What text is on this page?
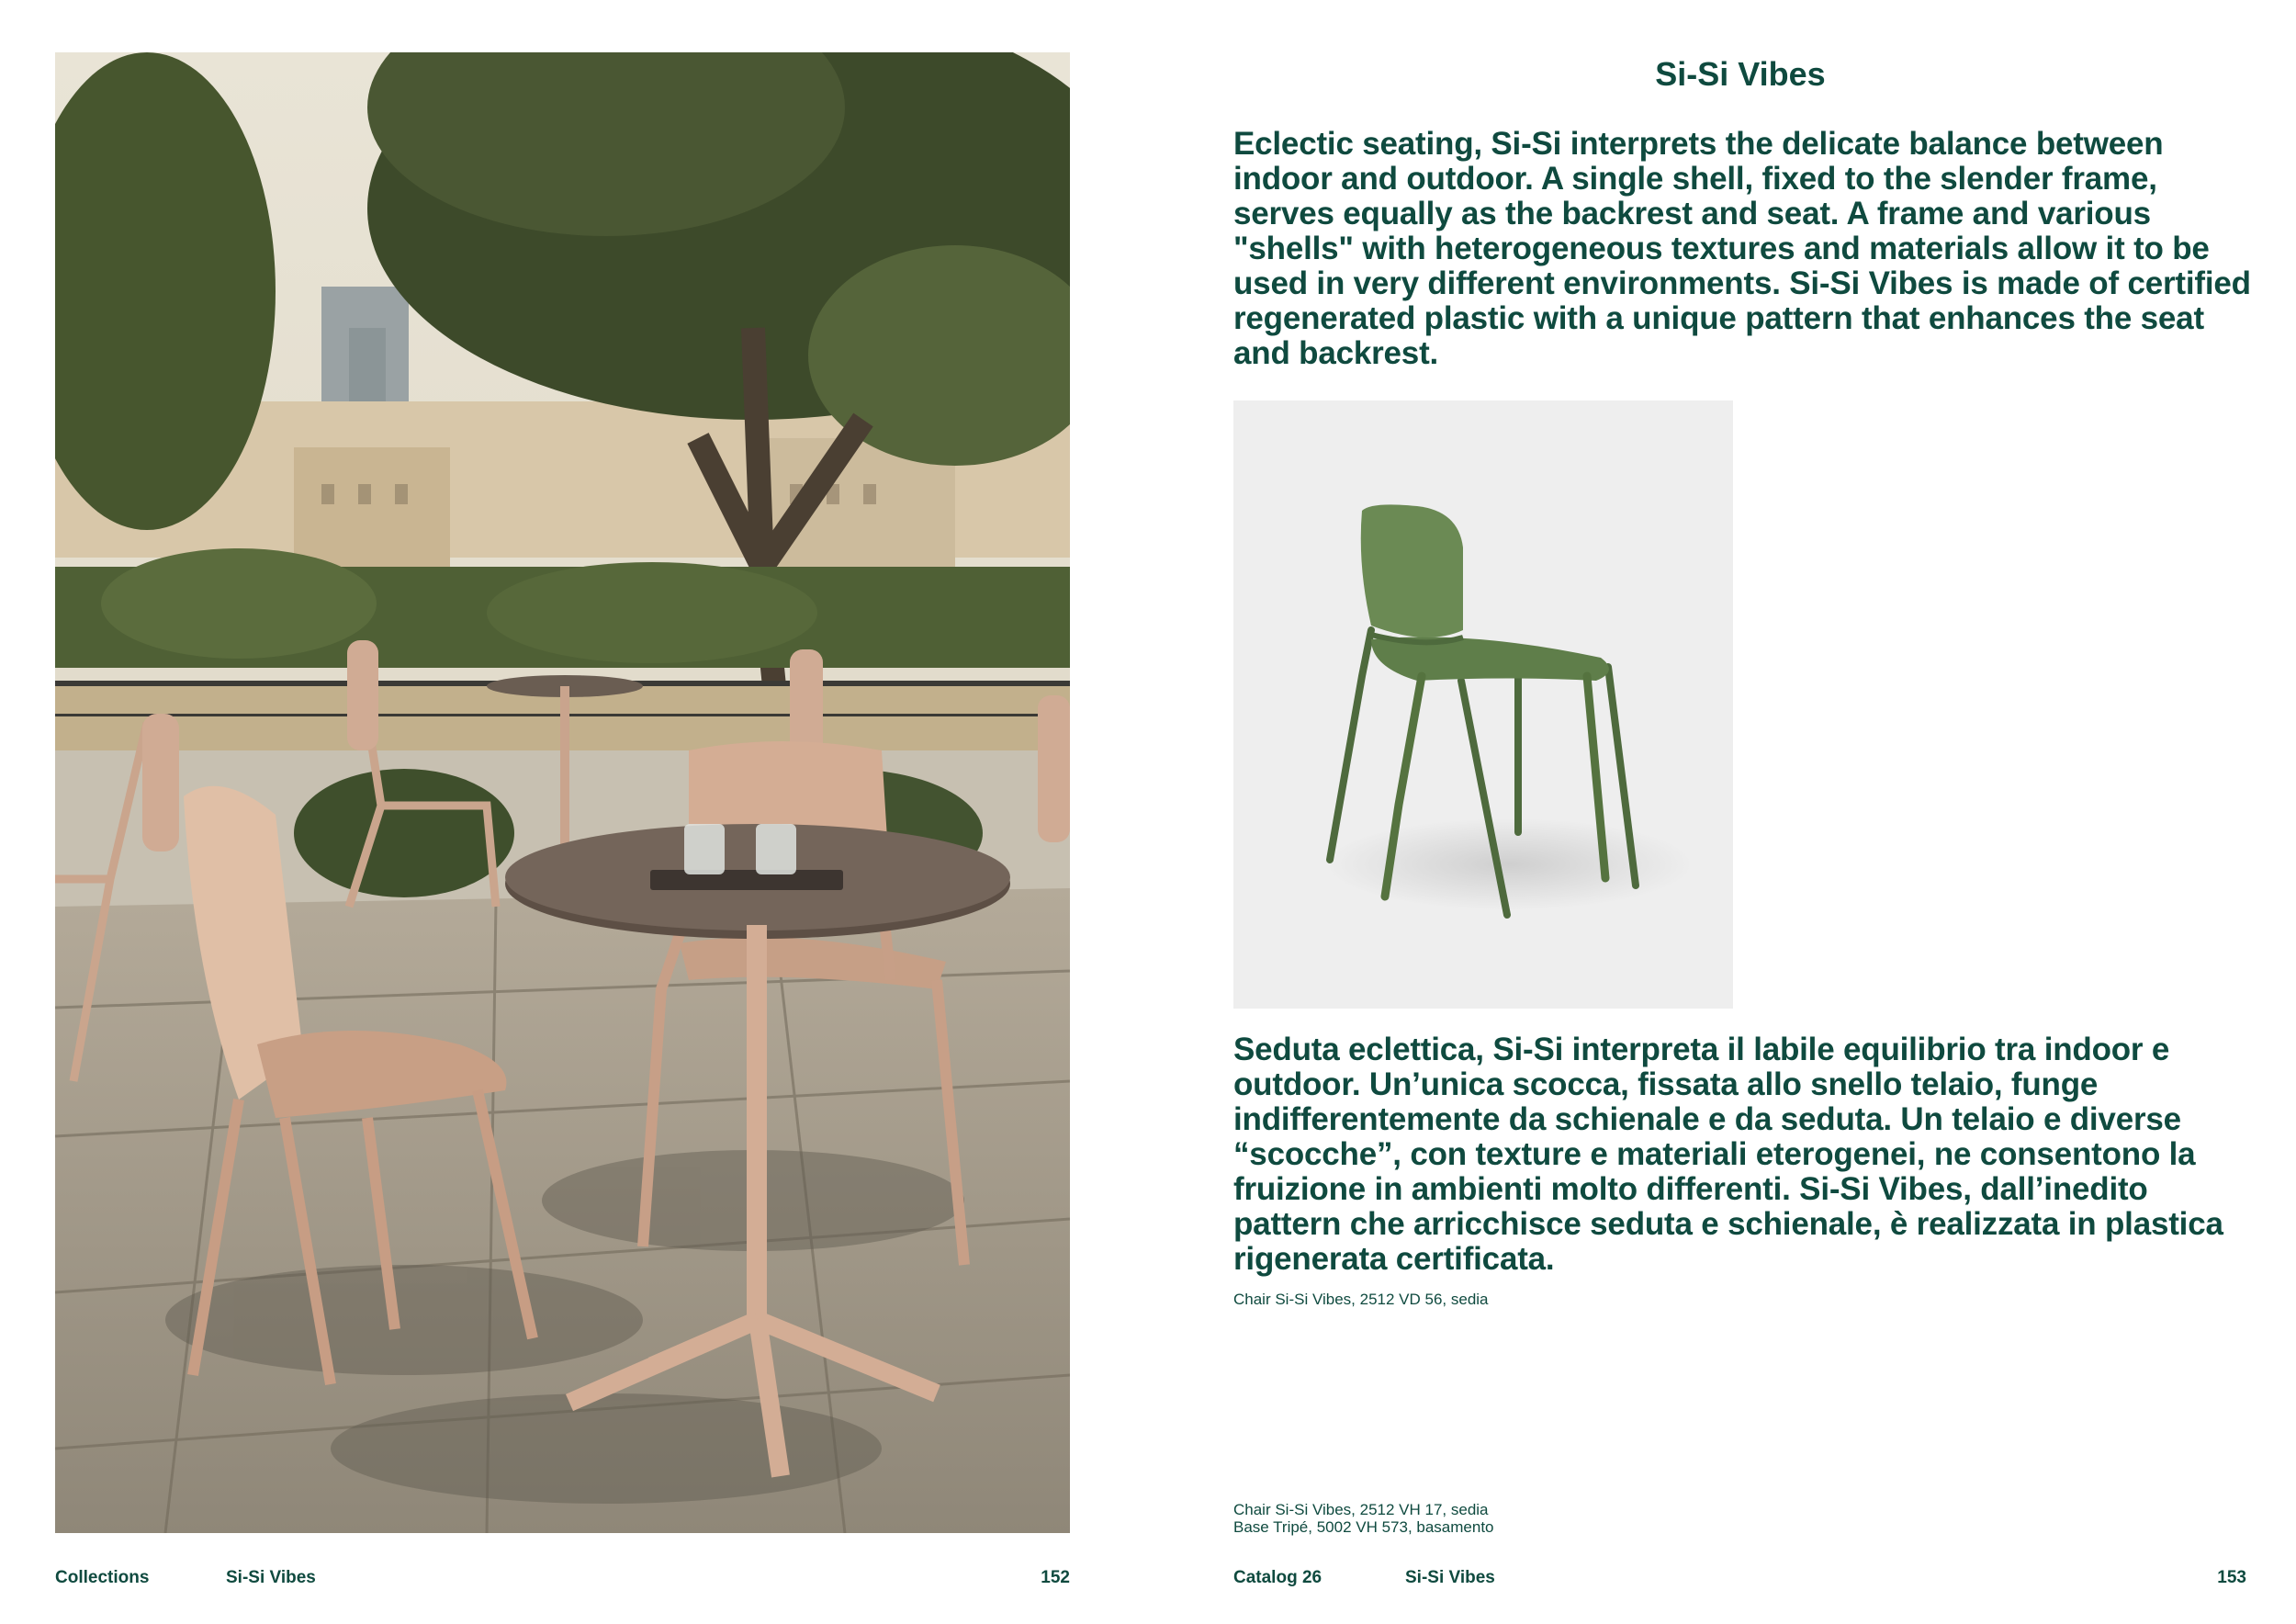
Si-Si Vibes
Eclectic seating, Si-Si interprets the delicate balance between indoor and outdoor. A single shell, fixed to the slender frame, serves equally as the backrest and seat. A frame and various "shells" with heterogeneous textures and materials allow it to be used in very different environments. Si-Si Vibes is made of certified regenerated plastic with a unique pattern that enhances the seat and backrest.
Seduta eclettica, Si-Si interpreta il labile equilibrio tra indoor e outdoor. Un’unica scocca, fissata allo snello telaio, funge indifferentemente da schienale e da seduta. Un telaio e diverse “scocche”, con texture e materiali eterogenei, ne consentono la fruizione in ambienti molto differenti. Si-Si Vibes, dall’inedito pattern che arricchisce seduta e schienale, è realizzata in plastica rigenerata certificata.
Chair Si-Si Vibes, 2512 VD 56, sedia
Chair Si-Si Vibes, 2512 VH 17, sedia
Base Tripé, 5002 VH 573, basamento
Collections	Si-Si Vibes	152	Catalog 26	Si-Si Vibes	153
